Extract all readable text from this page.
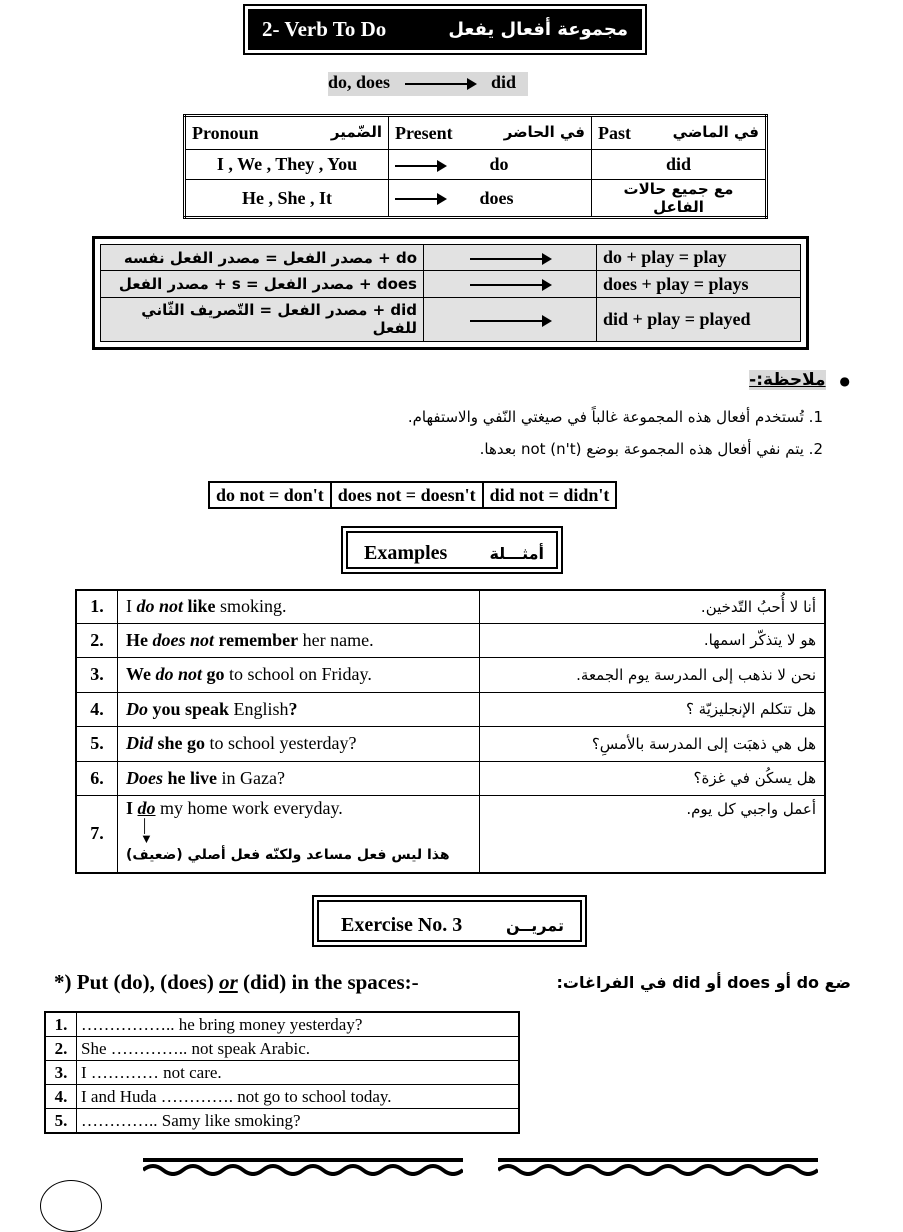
2- Verb To Do	مجموعة أفعال يفعل
do, does	did
Pronoun الضّمير	Present في الحاضر	Past في الماضي

I , We , They , You	do	did
He , She , It	does	مع جميع حالات الفاعل
do + مصدر الفعل = مصدر الفعل نفسه		do + play = play
does + مصدر الفعل = s + مصدر الفعل		does + play = plays
did + مصدر الفعل = التّصريف الثّاني للفعل		did + play = played
● ملاحظة:-
1. تُستخدم أفعال هذه المجموعة غالباً في صيغتي النّفي والاستفهام.
2. يتم نفي أفعال هذه المجموعة بوضع not (n't) بعدها.
do not = don't	does not = doesn't	did not = didn't
Examples	أمثـــلة
1.	I do not like smoking.	أنا لا أُحبُ التّدخين.
2.	He does not remember her name.	هو لا يتذكّر اسمها.
3.	We do not go to school on Friday.	نحن لا نذهب إلى المدرسة يوم الجمعة.
4.	Do you speak English?	هل تتكلم الإنجليزيّة ؟
5.	Did she go to school yesterday?	هل هي ذهبَت إلى المدرسة بالأمسِ؟
6.	Does he live in Gaza?	هل يسكُن في غزة؟
7.	I do my home work everyday.
│
▼
هذا ليس فعل مساعد ولكنّه فعل أصلي (ضعيف)	أعمل واجبي كل يوم.
Exercise No. 3	تمريــن
*) Put (do), (does) or (did) in the spaces:-	ضع do أو does أو did في الفراغات:
1.	…………….. he bring money yesterday?
2.	She ………….. not speak Arabic.
3.	I ………… not care.
4.	I and Huda …………. not go to school today.
5.	………….. Samy like smoking?
